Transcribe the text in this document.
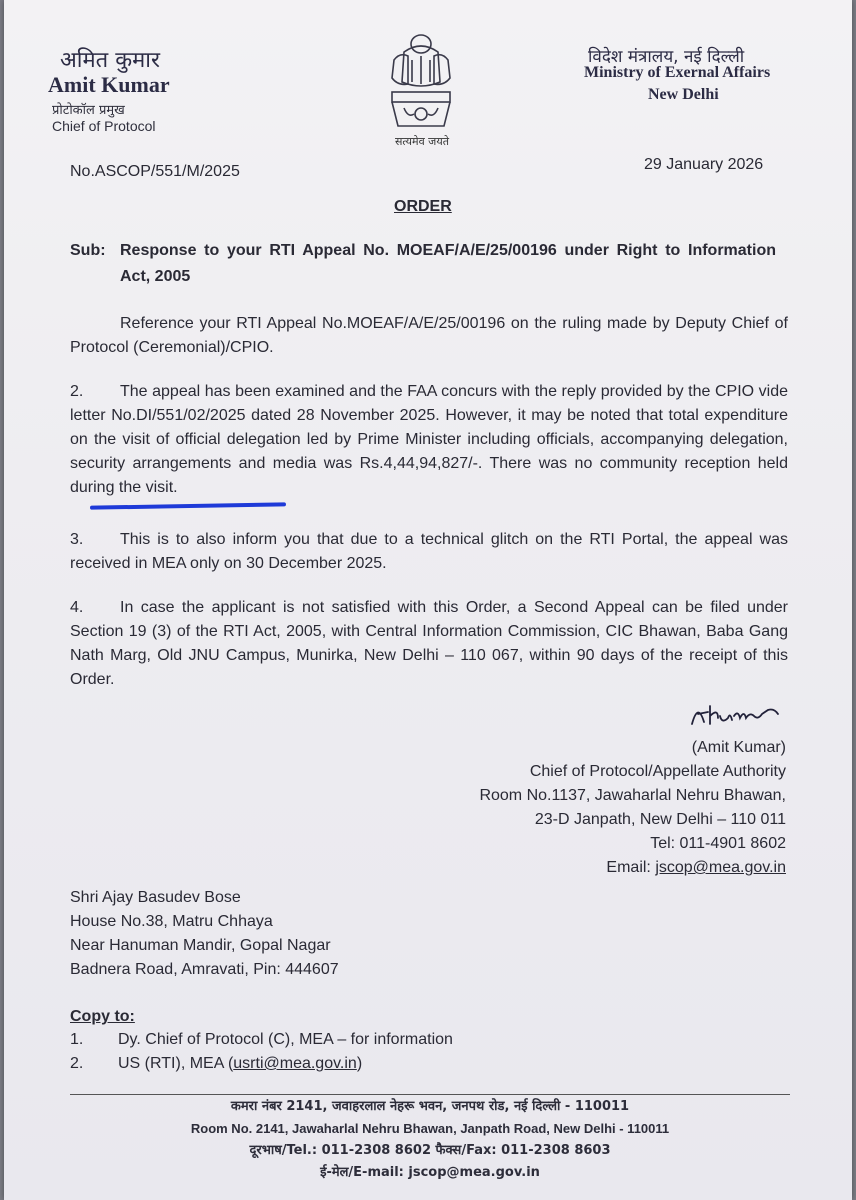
अमित कुमार
Amit Kumar
प्रोटोकॉल प्रमुख
Chief of Protocol
सत्यमेव जयते
विदेश मंत्रालय, नई दिल्ली
Ministry of Exernal Affairs
New Delhi
No.ASCOP/551/M/2025	29 January 2026
ORDER
Sub: Response to your RTI Appeal No. MOEAF/A/E/25/00196 under Right to Information Act, 2005
Reference your RTI Appeal No.MOEAF/A/E/25/00196 on the ruling made by Deputy Chief of Protocol (Ceremonial)/CPIO.
2. The appeal has been examined and the FAA concurs with the reply provided by the CPIO vide letter No.DI/551/02/2025 dated 28 November 2025. However, it may be noted that total expenditure on the visit of official delegation led by Prime Minister including officials, accompanying delegation, security arrangements and media was Rs.4,44,94,827/-. There was no community reception held during the visit.
3. This is to also inform you that due to a technical glitch on the RTI Portal, the appeal was received in MEA only on 30 December 2025.
4. In case the applicant is not satisfied with this Order, a Second Appeal can be filed under Section 19 (3) of the RTI Act, 2005, with Central Information Commission, CIC Bhawan, Baba Gang Nath Marg, Old JNU Campus, Munirka, New Delhi – 110 067, within 90 days of the receipt of this Order.
(Amit Kumar)
Chief of Protocol/Appellate Authority
Room No.1137, Jawaharlal Nehru Bhawan,
23-D Janpath, New Delhi – 110 011
Tel: 011-4901 8602
Email: jscop@mea.gov.in
Shri Ajay Basudev Bose
House No.38, Matru Chhaya
Near Hanuman Mandir, Gopal Nagar
Badnera Road, Amravati, Pin: 444607
Copy to:
1. Dy. Chief of Protocol (C), MEA – for information
2. US (RTI), MEA (usrti@mea.gov.in)
कमरा नंबर 2141, जवाहरलाल नेहरू भवन, जनपथ रोड, नई दिल्ली - 110011
Room No. 2141, Jawaharlal Nehru Bhawan, Janpath Road, New Delhi - 110011
दूरभाष/Tel.: 011-2308 8602 फैक्स/Fax: 011-2308 8603
ई-मेल/E-mail: jscop@mea.gov.in
